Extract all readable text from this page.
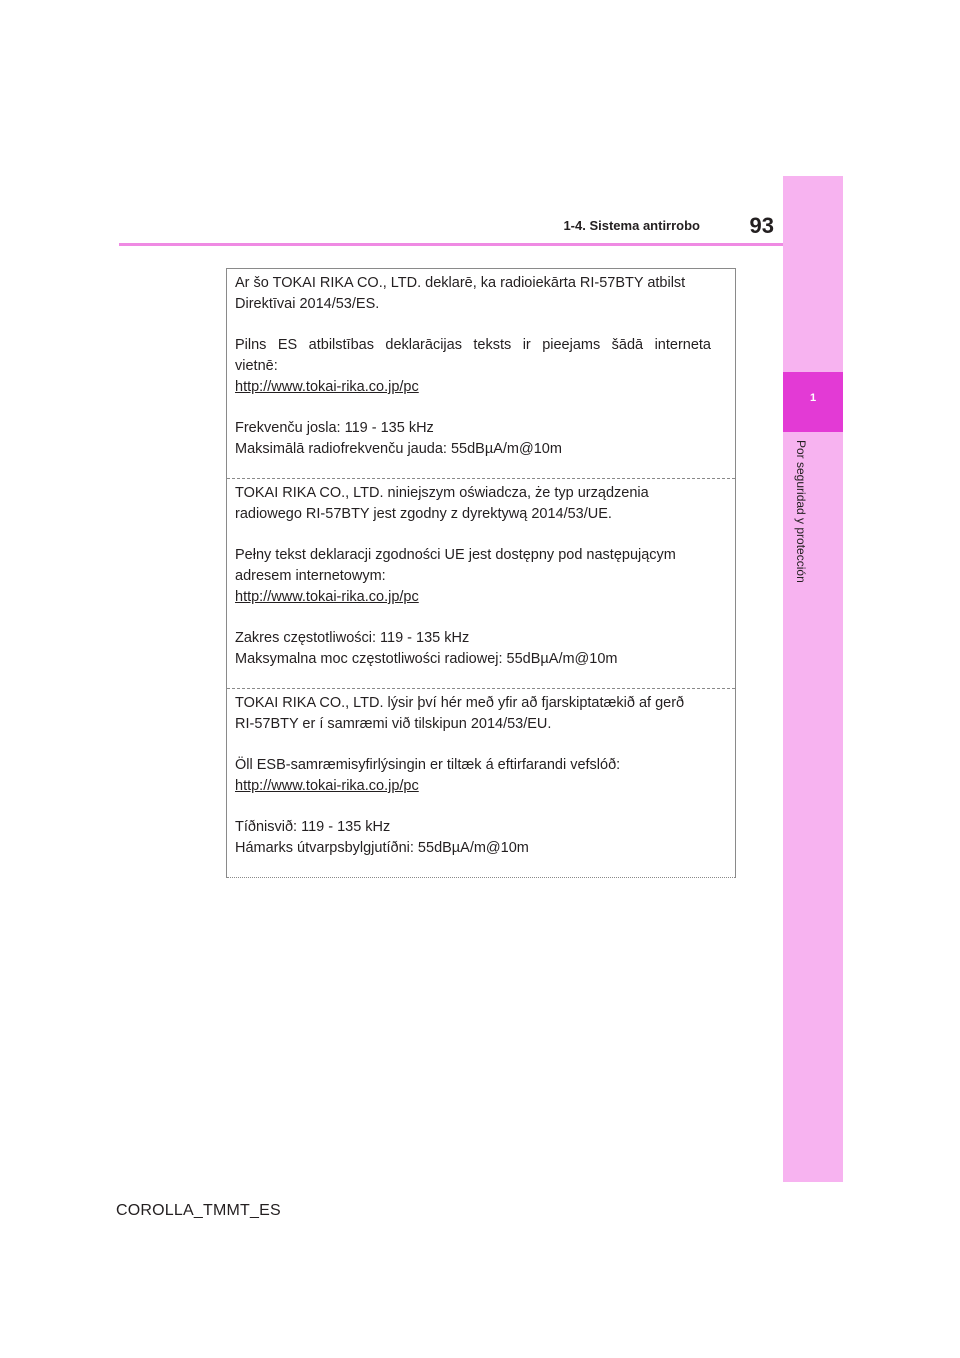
1
Por seguridad y protección
1-4. Sistema antirrobo	93

Ar šo TOKAI RIKA CO., LTD. deklarē, ka radioiekārta RI-57BTY atbilst
Direktīvai 2014/53/ES.

Pilns ES atbilstības deklarācijas teksts ir pieejams šādā interneta
vietnē:
http://www.tokai-rika.co.jp/pc

Frekvenču josla: 119 - 135 kHz
Maksimālā radiofrekvenču jauda: 55dBµA/m@10m

TOKAI RIKA CO., LTD. niniejszym oświadcza, że typ urządzenia
radiowego RI-57BTY jest zgodny z dyrektywą 2014/53/UE.

Pełny tekst deklaracji zgodności UE jest dostępny pod następującym
adresem internetowym:
http://www.tokai-rika.co.jp/pc

Zakres częstotliwości: 119 - 135 kHz
Maksymalna moc częstotliwości radiowej: 55dBµA/m@10m

TOKAI RIKA CO., LTD. lýsir því hér með yfir að fjarskiptatækið af gerð
RI-57BTY er í samræmi við tilskipun 2014/53/EU.

Öll ESB-samræmisyfirlýsingin er tiltæk á eftirfarandi vefslóð:
http://www.tokai-rika.co.jp/pc

Tíðnisvið: 119 - 135 kHz
Hámarks útvarpsbylgjutíðni: 55dBµA/m@10m

COROLLA_TMMT_ES
